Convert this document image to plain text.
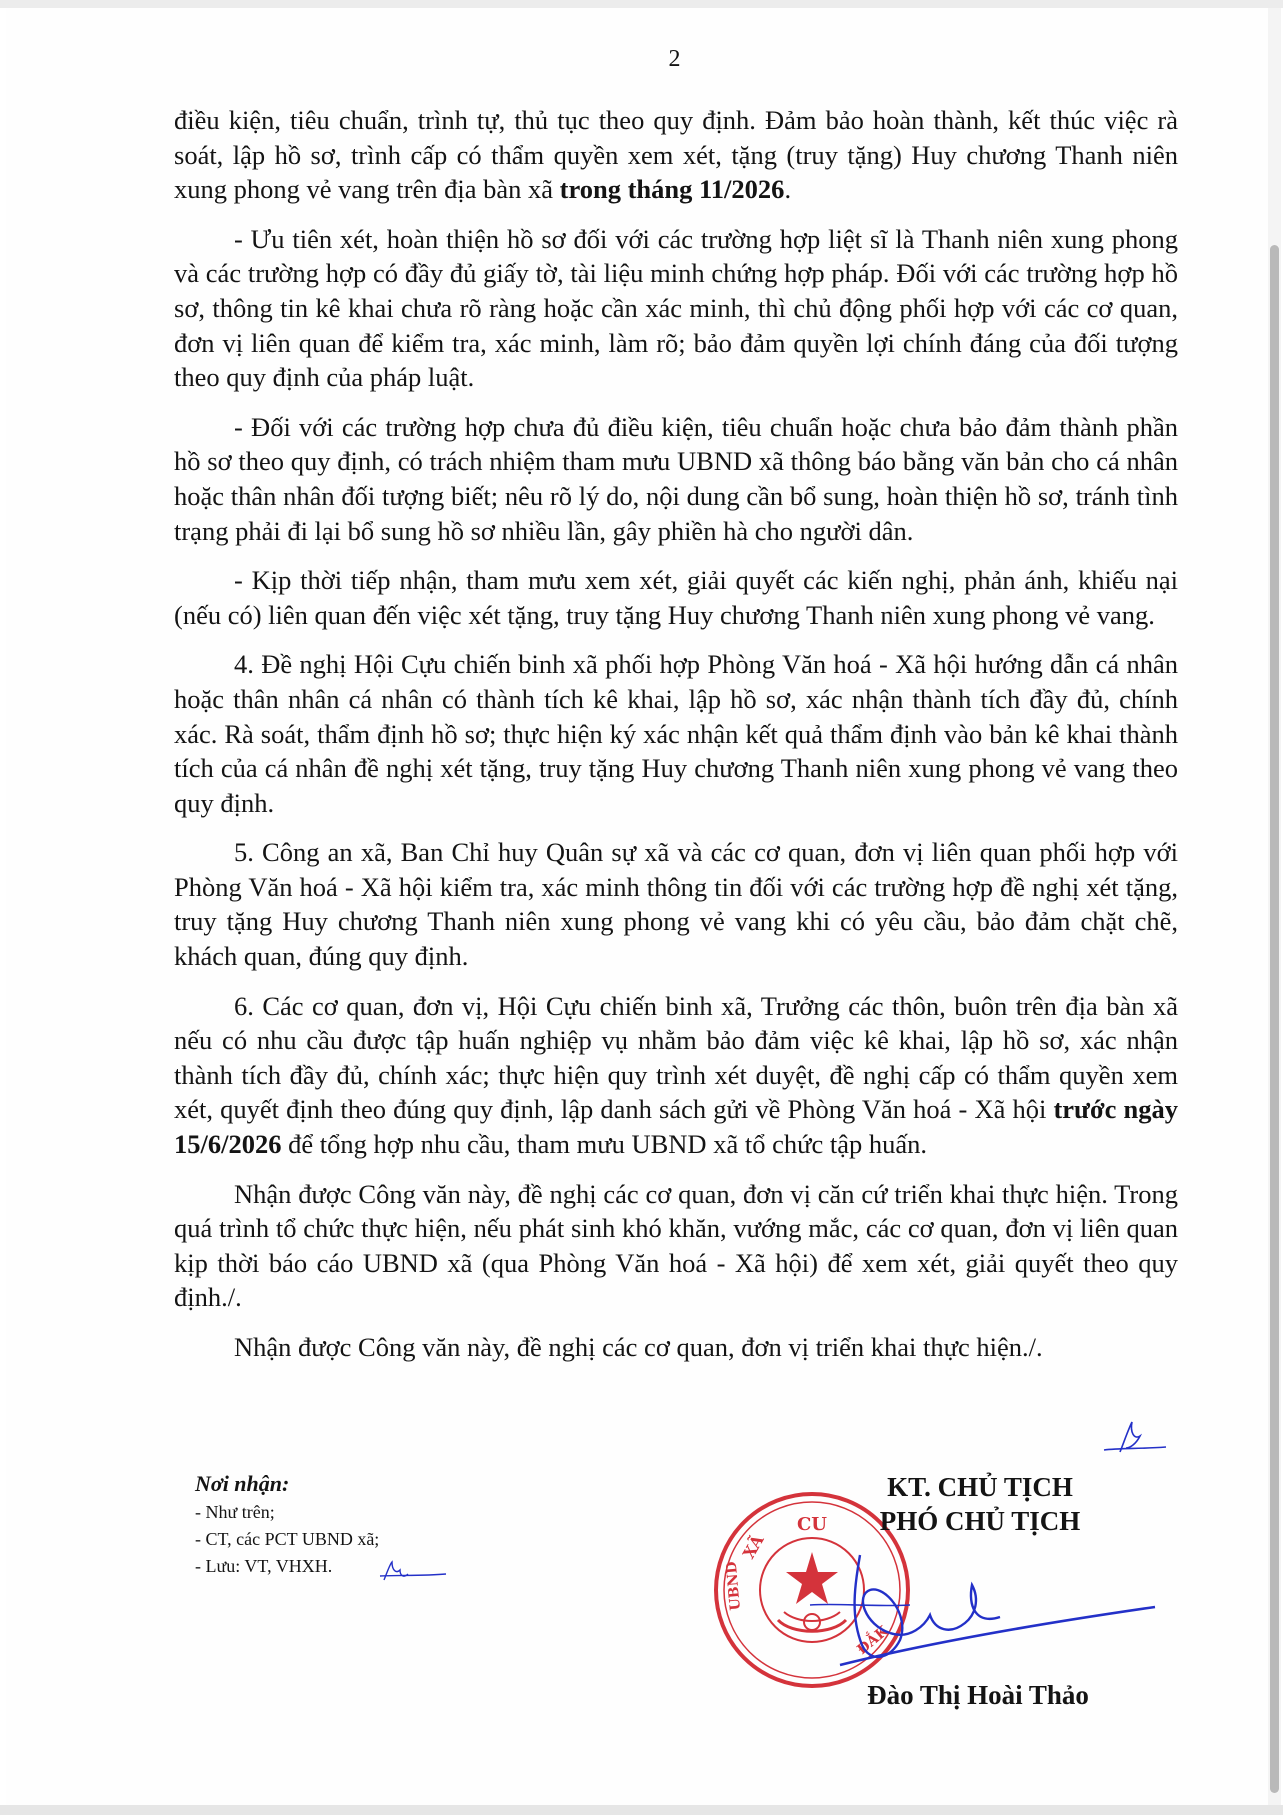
2

điều kiện, tiêu chuẩn, trình tự, thủ tục theo quy định. Đảm bảo hoàn thành, kết thúc việc rà soát, lập hồ sơ, trình cấp có thẩm quyền xem xét, tặng (truy tặng) Huy chương Thanh niên xung phong vẻ vang trên địa bàn xã trong tháng 11/2026.

- Ưu tiên xét, hoàn thiện hồ sơ đối với các trường hợp liệt sĩ là Thanh niên xung phong và các trường hợp có đầy đủ giấy tờ, tài liệu minh chứng hợp pháp. Đối với các trường hợp hồ sơ, thông tin kê khai chưa rõ ràng hoặc cần xác minh, thì chủ động phối hợp với các cơ quan, đơn vị liên quan để kiểm tra, xác minh, làm rõ; bảo đảm quyền lợi chính đáng của đối tượng theo quy định của pháp luật.

- Đối với các trường hợp chưa đủ điều kiện, tiêu chuẩn hoặc chưa bảo đảm thành phần hồ sơ theo quy định, có trách nhiệm tham mưu UBND xã thông báo bằng văn bản cho cá nhân hoặc thân nhân đối tượng biết; nêu rõ lý do, nội dung cần bổ sung, hoàn thiện hồ sơ, tránh tình trạng phải đi lại bổ sung hồ sơ nhiều lần, gây phiền hà cho người dân.

- Kịp thời tiếp nhận, tham mưu xem xét, giải quyết các kiến nghị, phản ánh, khiếu nại (nếu có) liên quan đến việc xét tặng, truy tặng Huy chương Thanh niên xung phong vẻ vang.

4. Đề nghị Hội Cựu chiến binh xã phối hợp Phòng Văn hoá - Xã hội hướng dẫn cá nhân hoặc thân nhân cá nhân có thành tích kê khai, lập hồ sơ, xác nhận thành tích đầy đủ, chính xác. Rà soát, thẩm định hồ sơ; thực hiện ký xác nhận kết quả thẩm định vào bản kê khai thành tích của cá nhân đề nghị xét tặng, truy tặng Huy chương Thanh niên xung phong vẻ vang theo quy định.

5. Công an xã, Ban Chỉ huy Quân sự xã và các cơ quan, đơn vị liên quan phối hợp với Phòng Văn hoá - Xã hội kiểm tra, xác minh thông tin đối với các trường hợp đề nghị xét tặng, truy tặng Huy chương Thanh niên xung phong vẻ vang khi có yêu cầu, bảo đảm chặt chẽ, khách quan, đúng quy định.

6. Các cơ quan, đơn vị, Hội Cựu chiến binh xã, Trưởng các thôn, buôn trên địa bàn xã nếu có nhu cầu được tập huấn nghiệp vụ nhằm bảo đảm việc kê khai, lập hồ sơ, xác nhận thành tích đầy đủ, chính xác; thực hiện quy trình xét duyệt, đề nghị cấp có thẩm quyền xem xét, quyết định theo đúng quy định, lập danh sách gửi về Phòng Văn hoá - Xã hội trước ngày 15/6/2026 để tổng hợp nhu cầu, tham mưu UBND xã tổ chức tập huấn.

Nhận được Công văn này, đề nghị các cơ quan, đơn vị căn cứ triển khai thực hiện. Trong quá trình tổ chức thực hiện, nếu phát sinh khó khăn, vướng mắc, các cơ quan, đơn vị liên quan kịp thời báo cáo UBND xã (qua Phòng Văn hoá - Xã hội) để xem xét, giải quyết theo quy định./.

Nhận được Công văn này, đề nghị các cơ quan, đơn vị triển khai thực hiện./.

Nơi nhận:
- Như trên;
- CT, các PCT UBND xã;
- Lưu: VT, VHXH.
KT. CHỦ TỊCH
PHÓ CHỦ TỊCH
CU
XÃ
UBND
ĐẮK
Đào Thị Hoài Thảo
